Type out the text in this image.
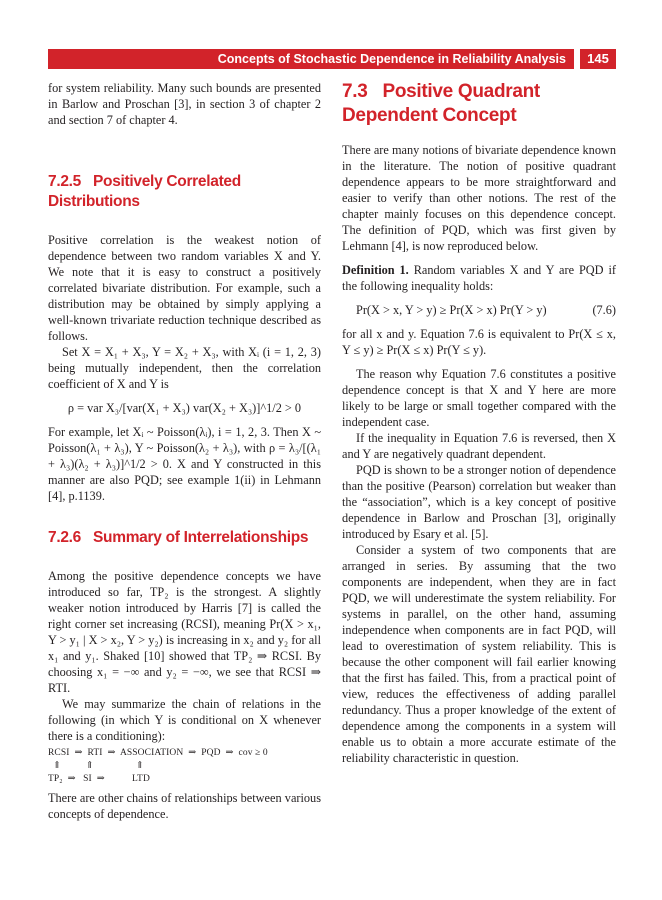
Concepts of Stochastic Dependence in Reliability Analysis	145

for system reliability. Many such bounds are presented in Barlow and Proschan [3], in section 3 of chapter 2 and section 7 of chapter 4.

7.2.5 Positively Correlated
Distributions

Positive correlation is the weakest notion of dependence between two random variables X and Y. We note that it is easy to construct a positively correlated bivariate distribution. For example, such a distribution may be obtained by simply applying a well-known trivariate reduction technique described as follows.

Set X = X₁ + X₃, Y = X₂ + X₃, with Xᵢ (i = 1, 2, 3) being mutually independent, then the correlation coefficient of X and Y is

ρ = var X₃/[var(X₁ + X₃) var(X₂ + X₃)]^1/2 > 0

For example, let Xᵢ ~ Poisson(λᵢ), i = 1, 2, 3. Then X ~ Poisson(λ₁ + λ₃), Y ~ Poisson(λ₂ + λ₃), with ρ = λ₃/[(λ₁ + λ₃)(λ₂ + λ₃)]^1/2 > 0. X and Y constructed in this manner are also PQD; see example 1(ii) in Lehmann [4], p.1139.

7.2.6 Summary of Interrelationships

Among the positive dependence concepts we have introduced so far, TP₂ is the strongest. A slightly weaker notion introduced by Harris [7] is called the right corner set increasing (RCSI), meaning Pr(X > x₁, Y > y₁ | X > x₂, Y > y₂) is increasing in x₂ and y₂ for all x₁ and y₁. Shaked [10] showed that TP₂ ⇒ RCSI. By choosing x₁ = −∞ and y₂ = −∞, we see that RCSI ⇒ RTI.

We may summarize the chain of relations in the following (in which Y is conditional on X whenever there is a conditioning):

RCSI  ⇒  RTI  ⇒  ASSOCIATION  ⇒  PQD  ⇒  cov ≥ 0
⇑          ⇑                 ⇑
TP₂  ⇒   SI  ⇒           LTD

There are other chains of relationships between various concepts of dependence.

7.3 Positive Quadrant
Dependent Concept

There are many notions of bivariate dependence known in the literature. The notion of positive quadrant dependence appears to be more straightforward and easier to verify than other notions. The rest of the chapter mainly focuses on this dependence concept. The definition of PQD, which was first given by Lehmann [4], is now reproduced below.

Definition 1. Random variables X and Y are PQD if the following inequality holds:

Pr(X > x, Y > y) ≥ Pr(X > x) Pr(Y > y)	(7.6)

for all x and y. Equation 7.6 is equivalent to Pr(X ≤ x, Y ≤ y) ≥ Pr(X ≤ x) Pr(Y ≤ y).

The reason why Equation 7.6 constitutes a positive dependence concept is that X and Y here are more likely to be large or small together compared with the independent case.

If the inequality in Equation 7.6 is reversed, then X and Y are negatively quadrant dependent.

PQD is shown to be a stronger notion of dependence than the positive (Pearson) correlation but weaker than the “association”, which is a key concept of positive dependence in Barlow and Proschan [3], originally introduced by Esary et al. [5].

Consider a system of two components that are arranged in series. By assuming that the two components are independent, when they are in fact PQD, we will underestimate the system reliability. For systems in parallel, on the other hand, assuming independence when components are in fact PQD, will lead to overestimation of system reliability. This is because the other component will fail earlier knowing that the first has failed. This, from a practical point of view, reduces the effectiveness of adding parallel redundancy. Thus a proper knowledge of the extent of dependence among the components in a system will enable us to obtain a more accurate estimate of the reliability characteristic in question.
